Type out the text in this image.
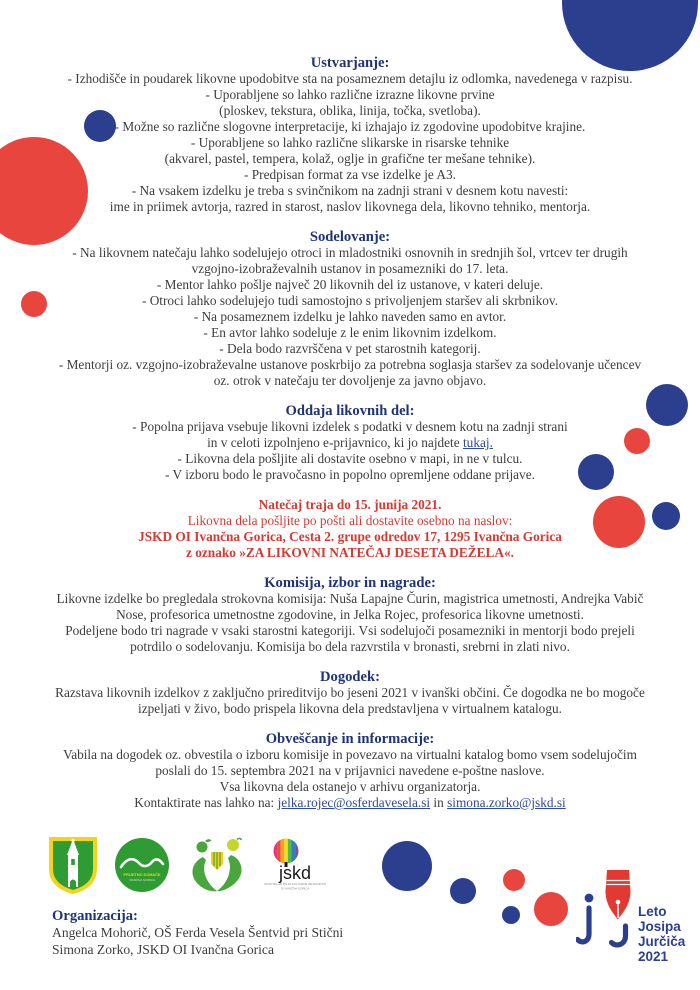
Ustvarjanje:

- Izhodišče in poudarek likovne upodobitve sta na posameznem detajlu iz odlomka, navedenega v razpisu.

- Uporabljene so lahko različne izrazne likovne prvine

(ploskev, tekstura, oblika, linija, točka, svetloba).

- Možne so različne slogovne interpretacije, ki izhajajo iz zgodovine upodobitve krajine.

- Uporabljene so lahko različne slikarske in risarske tehnike

(akvarel, pastel, tempera, kolaž, oglje in grafične ter mešane tehnike).

- Predpisan format za vse izdelke je A3.

- Na vsakem izdelku je treba s svinčnikom na zadnji strani v desnem kotu navesti:

ime in priimek avtorja, razred in starost, naslov likovnega dela, likovno tehniko, mentorja.

Sodelovanje:

- Na likovnem natečaju lahko sodelujejo otroci in mladostniki osnovnih in srednjih šol, vrtcev ter drugih

vzgojno-izobraževalnih ustanov in posamezniki do 17. leta.

- Mentor lahko pošlje največ 20 likovnih del iz ustanove, v kateri deluje.

- Otroci lahko sodelujejo tudi samostojno s privoljenjem staršev ali skrbnikov.

- Na posameznem izdelku je lahko naveden samo en avtor.

- En avtor lahko sodeluje z le enim likovnim izdelkom.

- Dela bodo razvrščena v pet starostnih kategorij.

- Mentorji oz. vzgojno-izobraževalne ustanove poskrbijo za potrebna soglasja staršev za sodelovanje učencev

oz. otrok v natečaju ter dovoljenje za javno objavo.

Oddaja likovnih del:

- Popolna prijava vsebuje likovni izdelek s podatki v desnem kotu na zadnji strani

in v celoti izpolnjeno e-prijavnico, ki jo najdete tukaj.

- Likovna dela pošljite ali dostavite osebno v mapi, in ne v tulcu.

- V izboru bodo le pravočasno in popolno opremljene oddane prijave.

Natečaj traja do 15. junija 2021.

Likovna dela pošljite po pošti ali dostavite osebno na naslov:

JSKD OI Ivančna Gorica, Cesta 2. grupe odredov 17, 1295 Ivančna Gorica

z oznako »ZA LIKOVNI NATEČAJ DESETA DEŽELA«.

Komisija, izbor in nagrade:

Likovne izdelke bo pregledala strokovna komisija: Nuša Lapajne Čurin, magistrica umetnosti, Andrejka Vabič

Nose, profesorica umetnostne zgodovine, in Jelka Rojec, profesorica likovne umetnosti.

Podeljene bodo tri nagrade v vsaki starostni kategoriji. Vsi sodelujoči posamezniki in mentorji bodo prejeli

potrdilo o sodelovanju. Komisija bo dela razvrstila v bronasti, srebrni in zlati nivo.

Dogodek:

Razstava likovnih izdelkov z zaključno prireditvijo bo jeseni 2021 v ivanški občini. Če dogodka ne bo mogoče

izpeljati v živo, bodo prispela likovna dela predstavljena v virtualnem katalogu.

Obveščanje in informacije:

Vabila na dogodek oz. obvestila o izboru komisije in povezavo na virtualni katalog bomo vsem sodelujočim

poslali do 15. septembra 2021 na v prijavnici navedene e-poštne naslove.

Vsa likovna dela ostanejo v arhivu organizatorja.

Kontaktirate nas lahko na: jelka.rojec@osferdavesela.si in simona.zorko@jskd.si

PRIJETNO DOMAČE
IVANČNA GORICA	jskd
JAVNI SKLAD RS ZA KULTURNE DEJAVNOSTI
OI IVANČNA GORICA
Leto
Josipa
Jurčiča
2021
Organizacija:

Angelca Mohorič, OŠ Ferda Vesela Šentvid pri Stični

Simona Zorko, JSKD OI Ivančna Gorica
